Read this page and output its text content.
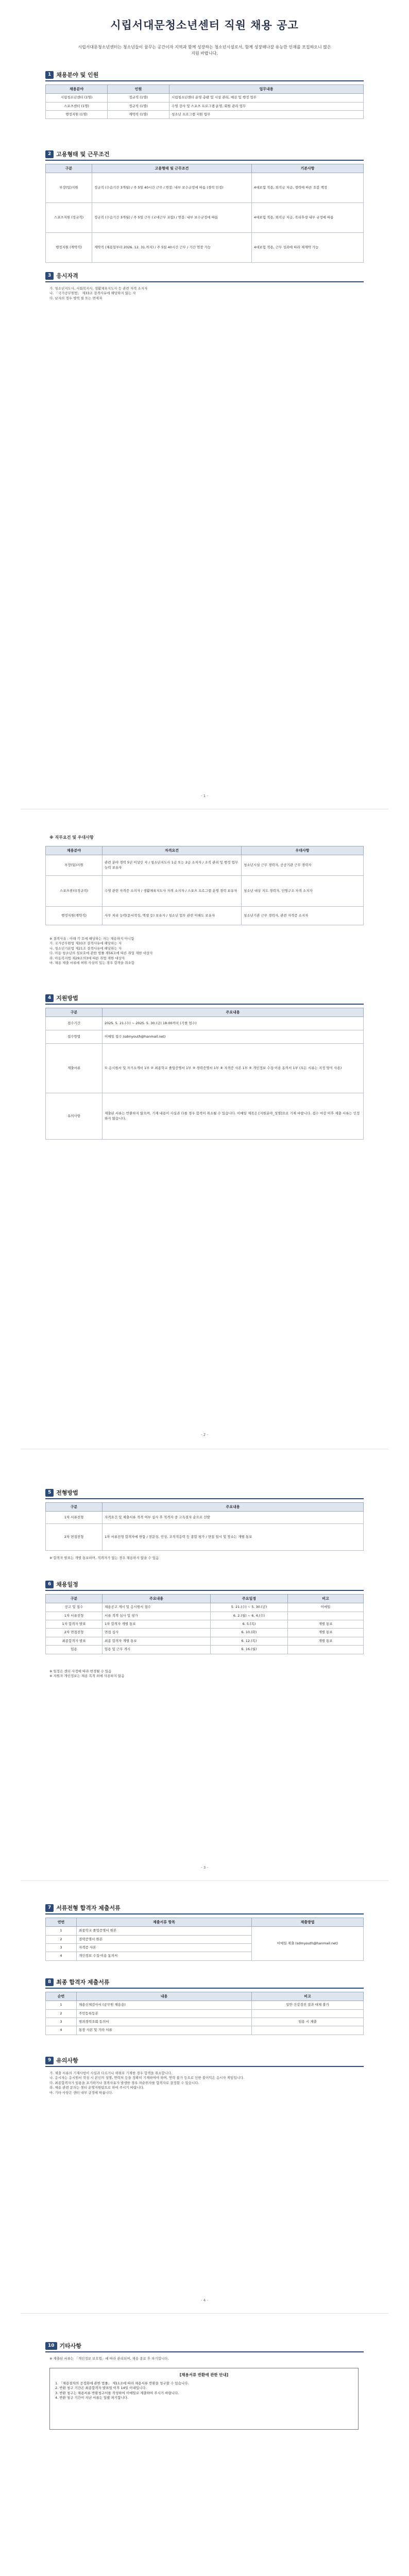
시립서대문청소년센터 직원 채용 공고
시립서대문청소년센터는 청소년들이 꿈꾸는 공간이자 지역과 함께 성장하는 청소년시설로서, 함께 성장해나갈 유능한 인재를 모집하오니 많은 지원 바랍니다.
1 채용분야 및 인원
채용분야	인원	업무내용
시립청소년센터 (1명)	정규직 (1명)	시립청소년센터 운영 총괄 및 시설 관리, 예산 및 행정 업무
스포츠센터 (1명)	정규직 (1명)	수영 강사 및 스포츠 프로그램 운영, 회원 관리 업무
행정지원 (1명)	계약직 (1명)	청소년 프로그램 지원 업무
2 고용형태 및 근무조건
구분	고용형태 및 근무조건	기본사항
부장(팀)지원	정규직 (수습기간 3개월) / 주 5일 40시간 근무 / 연봉: 내부 보수규정에 따름 (경력 인정)	4대보험 적용, 퇴직금 지급, 경력에 따른 호봉 책정
스포츠지원 (정규직)	정규직 (수습기간 3개월) / 주 5일 근무 (교대근무 포함) / 연봉: 내부 보수규정에 따름	4대보험 적용, 퇴직금 지급, 복리후생 내부 규정에 따름
행정지원 (계약직)	계약직 (채용일부터 2026. 12. 31.까지) / 주 5일 40시간 근무 / 기간 연장 가능	4대보험 적용, 근무 성과에 따라 재계약 가능
3 응시자격
가. 청소년지도사, 사회복지사, 생활체육지도사 등 관련 자격 소지자
나. 「국가공무원법」 제33조 결격사유에 해당하지 않는 자
다. 남자의 경우 병역 필 또는 면제자
- 1 -
※ 직무요건 및 우대사항
채용분야	자격요건	우대사항
부장(팀)지원	관련 분야 경력 5년 이상인 자 / 청소년지도사 1급 또는 2급 소지자 / 조직 관리 및 행정 업무 능력 보유자	청소년시설 근무 경력자, 공공기관 근무 경력자
스포츠센터(정규직)	수영 관련 자격증 소지자 / 생활체육지도사 자격 소지자 / 스포츠 프로그램 운영 경력 보유자	청소년 대상 지도 경력자, 인명구조 자격 소지자
행정지원(계약직)	사무 처리 능력(문서작성, 엑셀 등) 보유자 / 청소년 업무 관련 이해도 보유자	청소년기관 근무 경력자, 관련 자격증 소지자
※ 결격사유 : 아래 각 호에 해당하는 자는 채용하지 아니함
가. 국가공무원법 제33조 결격사유에 해당하는 자
나. 청소년기본법 제21조 결격사유에 해당하는 자
다. 아동·청소년의 성보호에 관한 법률 제56조에 따른 취업 제한 대상자
라. 아동복지법 제29조의3에 따른 취업 제한 대상자
마. 채용 제출 서류에 허위 사실이 있는 경우 합격을 취소함
4 지원방법
구분	주요내용
접수기간	2025. 5. 21.(수) ~ 2025. 5. 30.(금) 18:00까지 (기한 엄수)
접수방법	이메일 접수 (sdmyouth@hanmail.net)
제출서류	① 응시원서 및 자기소개서 1부 ② 최종학교 졸업증명서 1부 ③ 경력증명서 1부 ④ 자격증 사본 1부 ⑤ 개인정보 수집·이용 동의서 1부 (모든 서류는 지정 양식 사용)
유의사항	제출된 서류는 반환하지 않으며, 기재 내용이 사실과 다를 경우 합격이 취소될 수 있습니다. 이메일 제목은 [지원분야_성명]으로 기재 바랍니다. 접수 마감 이후 제출 서류는 인정하지 않습니다.
- 2 -
5 전형방법
구분	주요내용
1차 서류전형	자격요건 및 제출서류 적격 여부 심사 후 적격자 중 고득점자 순으로 선발
2차 면접전형	1차 서류전형 합격자에 한함 / 전문성, 인성, 조직적응력 등 종합 평가 / 면접 일시 및 장소는 개별 통보
※ 합격자 발표는 개별 통보하며, 적격자가 없는 경우 채용하지 않을 수 있음
6 채용일정
구분	주요내용	주요일정	비고
공고 및 접수	채용공고 게시 및 응시원서 접수	5. 21.(수) ~ 5. 30.(금)	이메일
1차 서류전형	서류 적격 심사 및 평가	6. 2.(월) ~ 6. 4.(수)	
1차 합격자 발표	1차 합격자 개별 통보	6. 5.(목)	개별 통보
2차 면접전형	면접 심사	6. 10.(화)	개별 통보
최종합격자 발표	최종 합격자 개별 통보	6. 12.(목)	개별 통보
임용	임용 및 근무 개시	6. 16.(월)	
※ 일정은 센터 사정에 따라 변경될 수 있음
※ 지원자 개인정보는 채용 목적 외에 사용하지 않음
- 3 -
7 서류전형 합격자 제출서류
연번	제출서류 항목	제출방법
1	최종학교 졸업증명서 원본	이메일 제출 (sdmyouth@hanmail.net)
2	경력증명서 원본	
3	자격증 사본	
4	개인정보 수집·이용 동의서	
8 최종 합격자 제출서류
순번	내용	비고
1	채용신체검사서 (공무원 채용용)	일반 건강검진 결과 대체 불가
2	주민등록등본	
3	범죄경력조회 동의서	임용 시 제출
4	통장 사본 및 기타 서류	
9 유의사항
가. 제출 서류의 기재사항이 사실과 다르거나 허위로 기재한 경우 합격을 취소합니다.
나. 응시자는 응시원서 작성 시 본인의 성명, 연락처 등을 정확히 기재하여야 하며, 연락 불가 등으로 인한 불이익은 응시자 책임입니다.
다. 최종합격자가 임용을 포기하거나 결격사유가 발생한 경우 차순위자를 합격자로 결정할 수 있습니다.
라. 채용 관련 문의는 센터 운영지원팀으로 하여 주시기 바랍니다.
마. 기타 사항은 센터 내부 규정에 따릅니다.
- 4 -
10 기타사항
※ 제출된 서류는 「개인정보 보호법」에 따라 관리되며, 채용 종료 후 파기합니다.
[채용서류 반환에 관한 안내]
1. 「채용절차의 공정화에 관한 법률」 제11조에 따라 채용서류 반환을 청구할 수 있습니다.
2. 반환 청구 기간은 최종합격자 발표일 이후 14일 이내입니다.
3. 반환 청구는 채용서류 반환청구서를 작성하여 이메일로 제출하여 주시기 바랍니다.
4. 반환 청구 기간이 지난 서류는 일괄 파기합니다.
